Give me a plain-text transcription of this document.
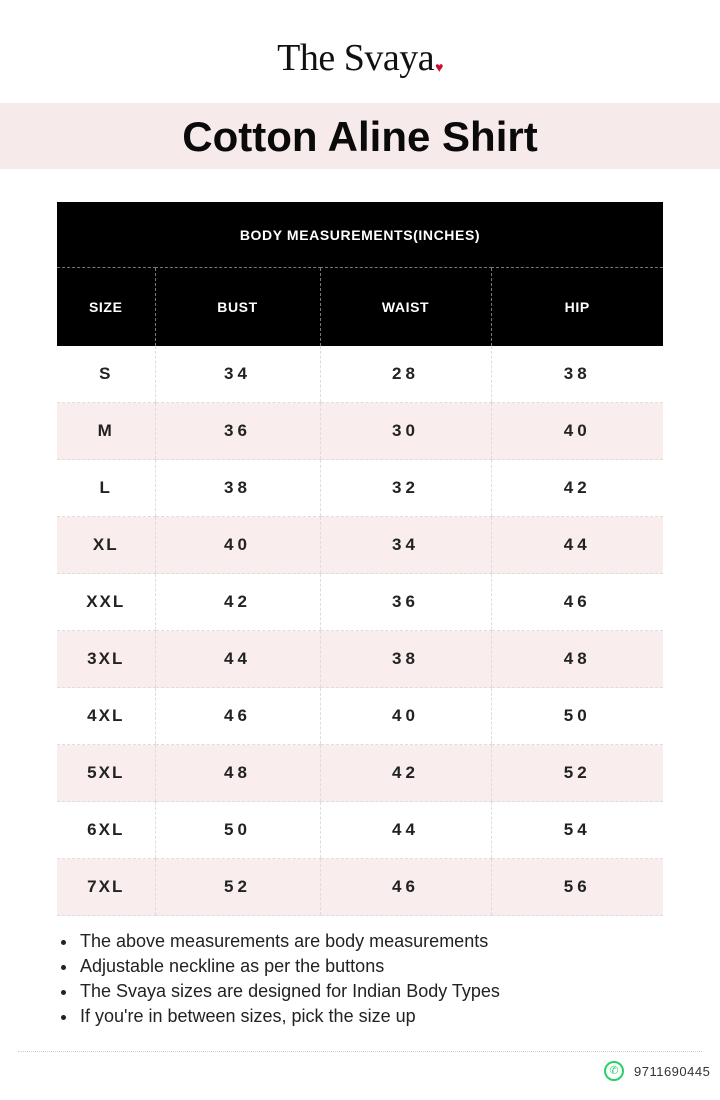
The Svaya♥
Cotton Aline Shirt
BODY MEASUREMENTS(INCHES)			
SIZE	BUST	WAIST	HIP
S	34	28	38
M	36	30	40
L	38	32	42
XL	40	34	44
XXL	42	36	46
3XL	44	38	48
4XL	46	40	50
5XL	48	42	52
6XL	50	44	54
7XL	52	46	56
• The above measurements are body measurements
• Adjustable neckline as per the buttons
• The Svaya sizes are designed for Indian Body Types
• If you're in between sizes, pick the size up
✆	9711690445
